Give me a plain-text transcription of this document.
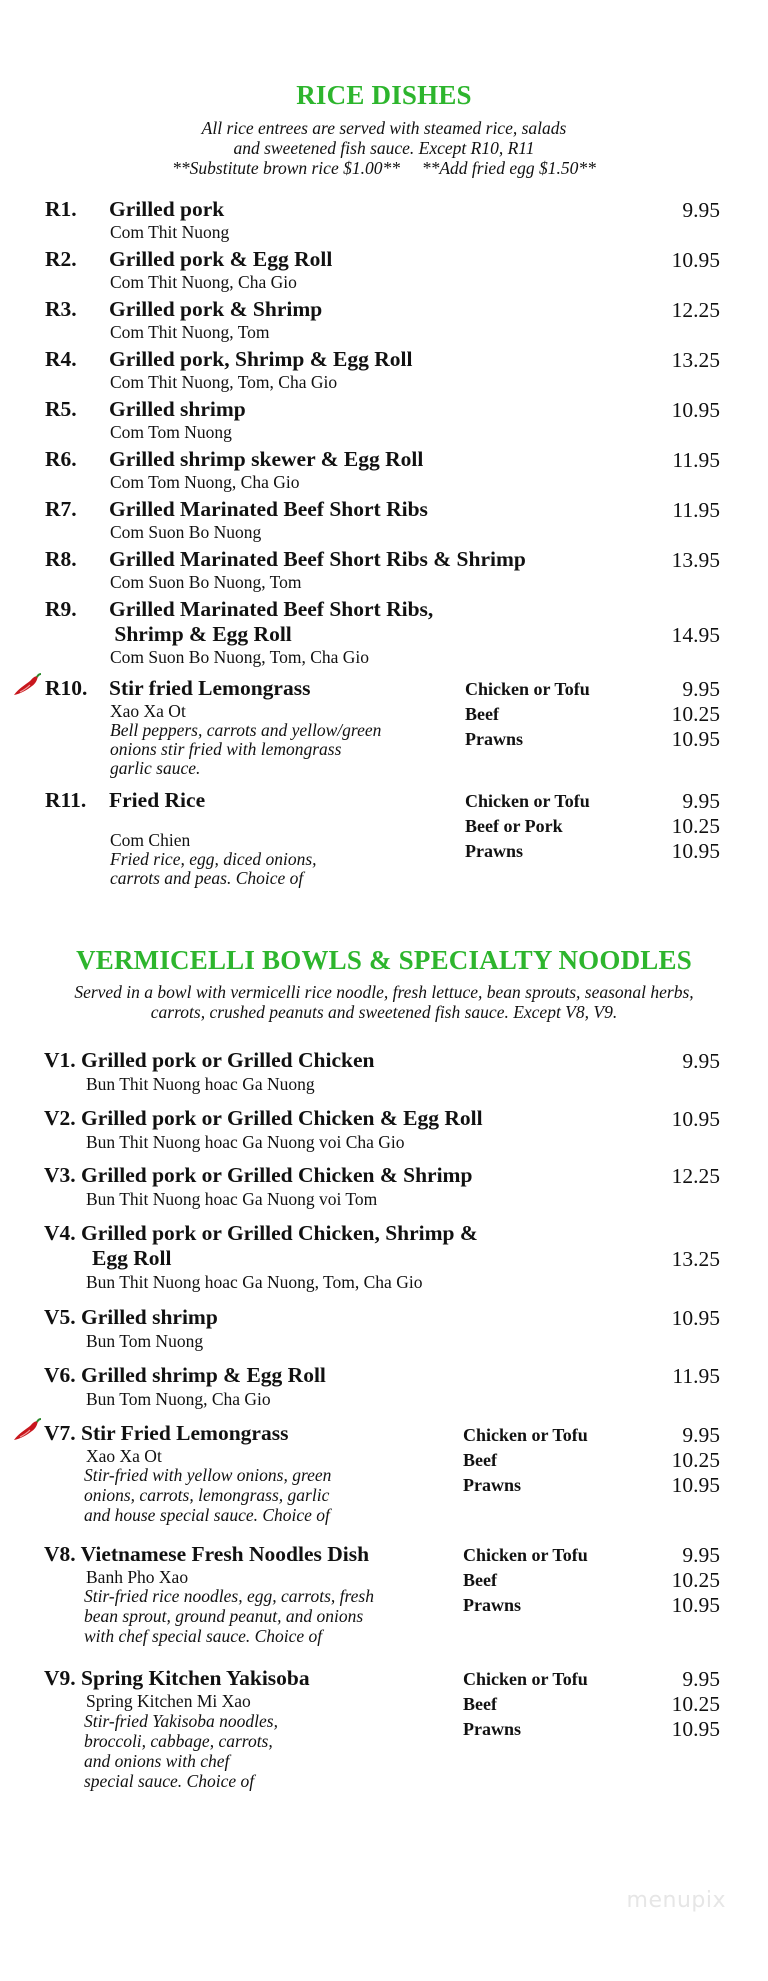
RICE DISHES
All rice entrees are served with steamed rice, salads
and sweetened fish sauce. Except R10, R11
**Substitute brown rice $1.00**     **Add fried egg $1.50**
R1. Grilled pork
Com Thit Nuong
9.95
R2. Grilled pork & Egg Roll
Com Thit Nuong, Cha Gio
10.95
R3. Grilled pork & Shrimp
Com Thit Nuong, Tom
12.25
R4. Grilled pork, Shrimp & Egg Roll
Com Thit Nuong, Tom, Cha Gio
13.25
R5. Grilled shrimp
Com Tom Nuong
10.95
R6. Grilled shrimp skewer & Egg Roll
Com Tom Nuong, Cha Gio
11.95
R7. Grilled Marinated Beef Short Ribs
Com Suon Bo Nuong
11.95
R8. Grilled Marinated Beef Short Ribs & Shrimp
Com Suon Bo Nuong, Tom
13.95
R9. Grilled Marinated Beef Short Ribs,
Shrimp & Egg Roll
Com Suon Bo Nuong, Tom, Cha Gio
14.95
R10. Stir fried Lemongrass
Xao Xa Ot
Bell peppers, carrots and yellow/green
onions stir fried with lemongrass
garlic sauce.
Chicken or Tofu	9.95
Beef	10.25
Prawns	10.95
R11. Fried Rice
Com Chien
Fried rice, egg, diced onions,
carrots and peas. Choice of
Chicken or Tofu	9.95
Beef or Pork	10.25
Prawns	10.95
VERMICELLI BOWLS & SPECIALTY NOODLES
Served in a bowl with vermicelli rice noodle, fresh lettuce, bean sprouts, seasonal herbs,
carrots, crushed peanuts and sweetened fish sauce. Except V8, V9.
V1. Grilled pork or Grilled Chicken
Bun Thit Nuong hoac Ga Nuong
9.95
V2. Grilled pork or Grilled Chicken & Egg Roll
Bun Thit Nuong hoac Ga Nuong voi Cha Gio
10.95
V3. Grilled pork or Grilled Chicken & Shrimp
Bun Thit Nuong hoac Ga Nuong voi Tom
12.25
V4. Grilled pork or Grilled Chicken, Shrimp &
Egg Roll
Bun Thit Nuong hoac Ga Nuong, Tom, Cha Gio
13.25
V5. Grilled shrimp
Bun Tom Nuong
10.95
V6. Grilled shrimp & Egg Roll
Bun Tom Nuong, Cha Gio
11.95
V7. Stir Fried Lemongrass
Xao Xa Ot
Stir-fried with yellow onions, green
onions, carrots, lemongrass, garlic
and house special sauce. Choice of
Chicken or Tofu	9.95
Beef	10.25
Prawns	10.95
V8. Vietnamese Fresh Noodles Dish
Banh Pho Xao
Stir-fried rice noodles, egg, carrots, fresh
bean sprout, ground peanut, and onions
with chef special sauce. Choice of
Chicken or Tofu	9.95
Beef	10.25
Prawns	10.95
V9. Spring Kitchen Yakisoba
Spring Kitchen Mi Xao
Stir-fried Yakisoba noodles,
broccoli, cabbage, carrots,
and onions with chef
special sauce. Choice of
Chicken or Tofu	9.95
Beef	10.25
Prawns	10.95
menupix
